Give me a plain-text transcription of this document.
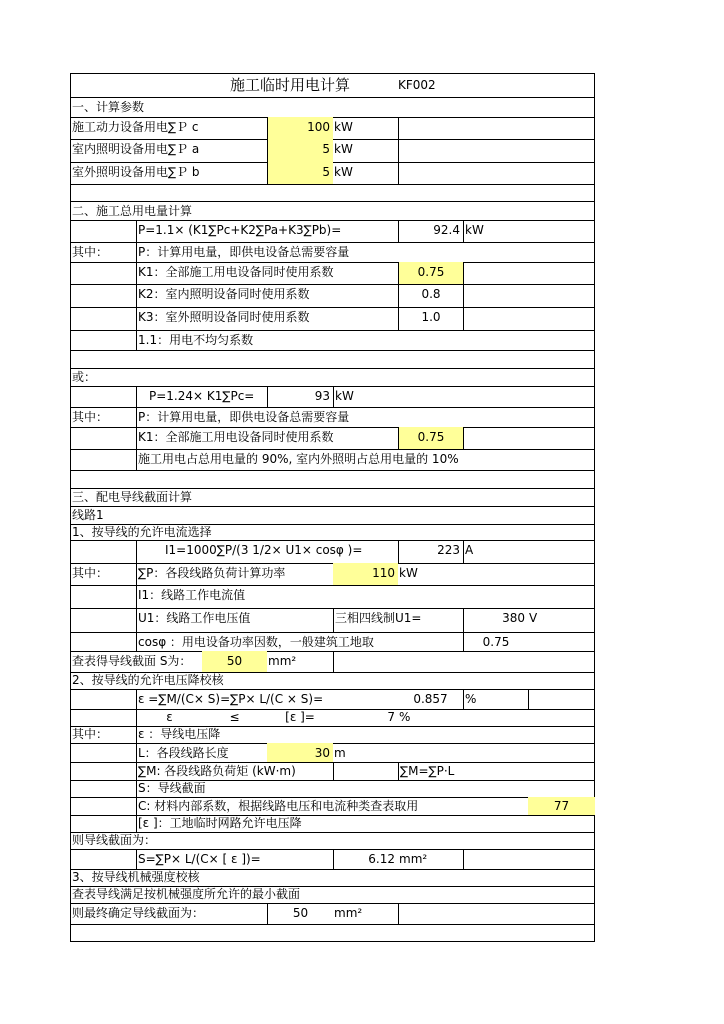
施工临时用电计算	KF002
一、计算参数
施工动力设备用电∑Ｐ c	100 kW
室内照明设备用电∑Ｐ a	5 kW
室外照明设备用电∑Ｐ b	5 kW
二、施工总用电量计算
P=1.1× (K1∑Pc+K2∑Pa+K3∑Pb)=	92.4 kW
其中：	P：计算用电量，即供电设备总需要容量
K1：全部施工用电设备同时使用系数	0.75
K2：室内照明设备同时使用系数	0.8
K3：室外照明设备同时使用系数	1.0
1.1：用电不均匀系数
或：
P=1.24× K1∑Pc=	93 kW
其中：	P：计算用电量，即供电设备总需要容量
K1：全部施工用电设备同时使用系数	0.75
施工用电占总用电量的 90%, 室内外照明占总用电量的 10%
三、配电导线截面计算
线路1
1、按导线的允许电流选择
I1=1000∑P/(3 1/2× U1× cosφ )=	223 A
其中：	∑P：各段线路负荷计算功率	110 kW
I1：线路工作电流值
U1：线路工作电压值	三相四线制U1=	380 V
cosφ ：用电设备功率因数，一般建筑工地取	0.75
查表得导线截面 S为：	50	mm²
2、按导线的允许电压降校核
ε =∑M/(C× S)=∑P× L/(C × S)=	0.857	%
ε	≤	[ε ]=	7 %
其中：	ε ：导线电压降
L：各段线路长度	30 m
∑M: 各段线路负荷矩 (kW·m)	∑M=∑P·L
S：导线截面
C: 材料内部系数，根据线路电压和电流种类查表取用	77
[ε ]：工地临时网路允许电压降
则导线截面为：
S=∑P× L/(C× [ ε ])=	6.12 mm²
3、按导线机械强度校核
查表导线满足按机械强度所允许的最小截面
则最终确定导线截面为：	50	mm²
